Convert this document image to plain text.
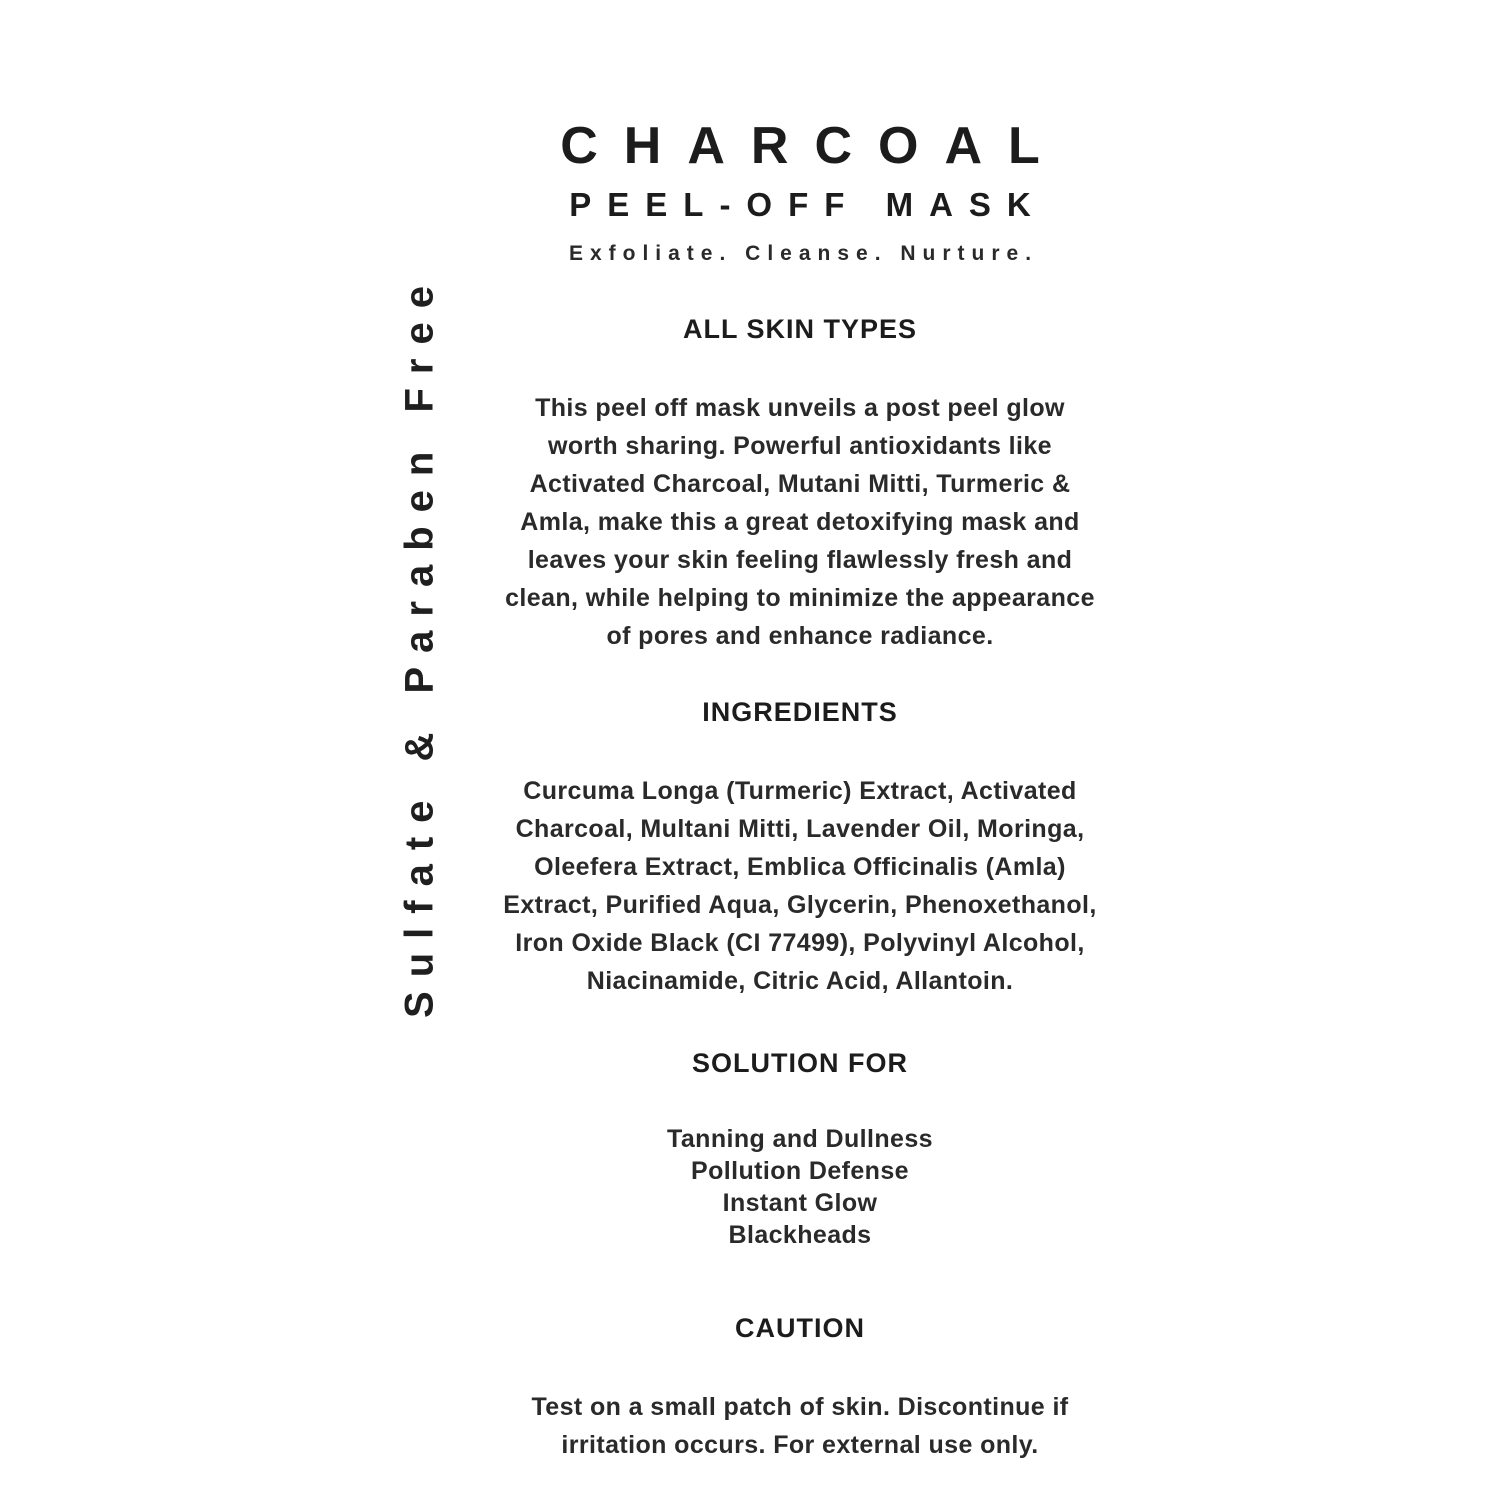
Sulfate & Paraben Free
CHARCOAL
PEEL-OFF MASK
Exfoliate. Cleanse. Nurture.
ALL SKIN TYPES

This peel off mask unveils a post peel glow worth sharing. Powerful antioxidants like Activated Charcoal, Mutani Mitti, Turmeric & Amla, make this a great detoxifying mask and leaves your skin feeling flawlessly fresh and clean, while helping to minimize the appearance of pores and enhance radiance.

INGREDIENTS

Curcuma Longa (Turmeric) Extract, Activated Charcoal, Multani Mitti, Lavender Oil, Moringa, Oleefera Extract, Emblica Officinalis (Amla) Extract, Purified Aqua, Glycerin, Phenoxethanol, Iron Oxide Black (CI 77499), Polyvinyl Alcohol, Niacinamide, Citric Acid, Allantoin.

SOLUTION FOR
Tanning and Dullness
Pollution Defense
Instant Glow
Blackheads
CAUTION

Test on a small patch of skin. Discontinue if irritation occurs. For external use only.
